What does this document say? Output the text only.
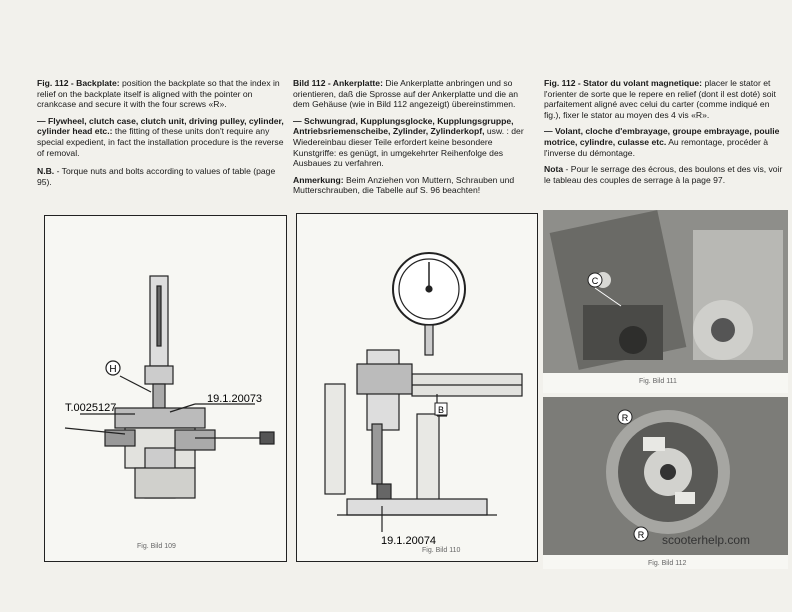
Fig. 112 - Backplate: position the backplate so that the index in relief on the backplate itself is aligned with the pointer on crankcase and secure it with the four screws «R».

— Flywheel, clutch case, clutch unit, driving pulley, cylinder, cylinder head etc.: the fitting of these units don't require any special expedient, in fact the installation procedure is the reverse of removal.

N.B. - Torque nuts and bolts according to values of table (page 95).

Bild 112 - Ankerplatte: Die Ankerplatte anbringen und so orientieren, daß die Sprosse auf der Ankerplatte und die an dem Gehäuse (wie in Bild 112 angezeigt) übereinstimmen.

— Schwungrad, Kupplungsglocke, Kupplungsgruppe, Antriebsriemenscheibe, Zylinder, Zylinderkopf, usw. : der Wiedereinbau dieser Teile erfordert keine besondere Kunstgriffe: es genügt, in umgekehrter Reihenfolge des Ausbaues zu verfahren.

Anmerkung: Beim Anziehen von Muttern, Schrauben und Mutterschrauben, die Tabelle auf S. 96 beachten!

Fig. 112 - Stator du volant magnetique: placer le stator et l'orienter de sorte que le repere en relief (dont il est doté) soit parfaitement aligné avec celui du carter (comme indiqué en fig.), fixer le stator au moyen des 4 vis «R».

— Volant, cloche d'embrayage, groupe embrayage, poulie motrice, cylindre, culasse etc. Au remontage, procéder à l'inverse du démontage.

Nota - Pour le serrage des écrous, des boulons et des vis, voir le tableau des couples de serrage à la page 97.

H
T.0025127
19.1.20073
Fig. Bild 109
B
19.1.20074
Fig. Bild 110
C
Fig. Bild 111
R
R
Fig. Bild 112
scooterhelp.com
